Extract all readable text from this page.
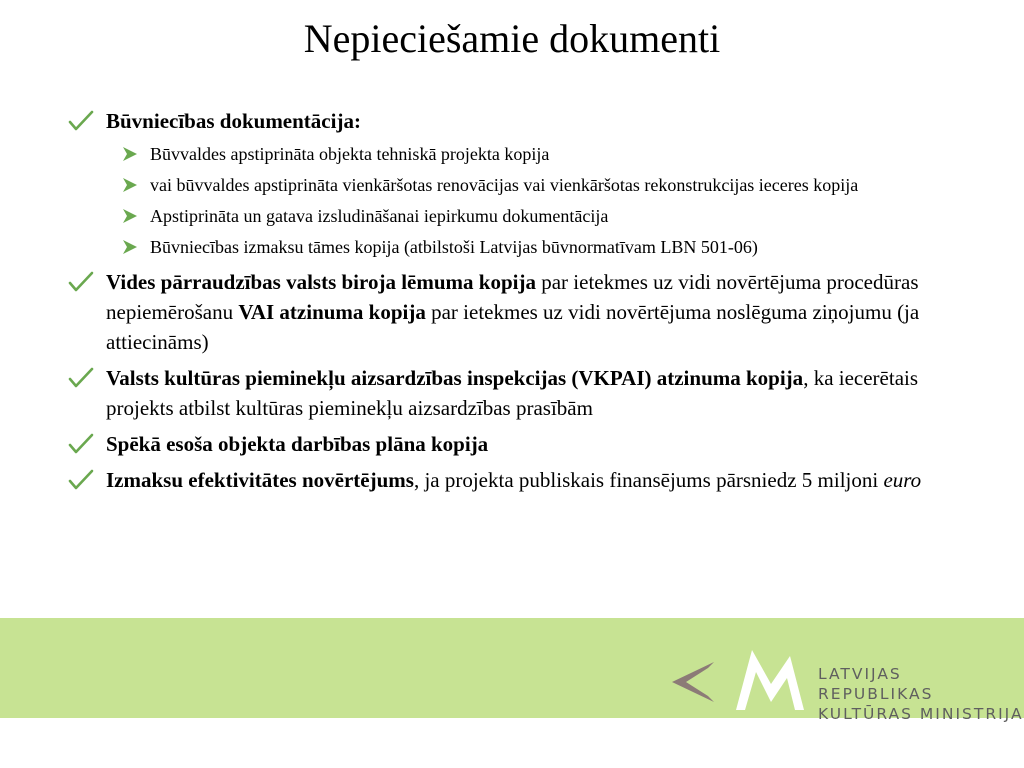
Nepieciešamie dokumenti
Būvniecības dokumentācija:
Būvvaldes apstiprināta objekta tehniskā projekta kopija
vai būvvaldes apstiprināta vienkāršotas renovācijas vai vienkāršotas rekonstrukcijas ieceres kopija
Apstiprināta un gatava izsludināšanai iepirkumu dokumentācija
Būvniecības izmaksu tāmes kopija (atbilstoši Latvijas būvnormatīvam LBN 501-06)
Vides pārraudzības valsts biroja lēmuma kopija par ietekmes uz vidi novērtējuma procedūras nepiemērošanu VAI atzinuma kopija par ietekmes uz vidi novērtējuma noslēguma ziņojumu (ja attiecināms)
Valsts kultūras pieminekļu aizsardzības inspekcijas (VKPAI) atzinuma kopija, ka iecerētais projekts atbilst kultūras pieminekļu aizsardzības prasībām
Spēkā esoša objekta darbības plāna kopija
Izmaksu efektivitātes novērtējums, ja projekta publiskais finansējums pārsniedz 5 miljoni euro
LATVIJAS REPUBLIKAS
KULTŪRAS MINISTRIJA
